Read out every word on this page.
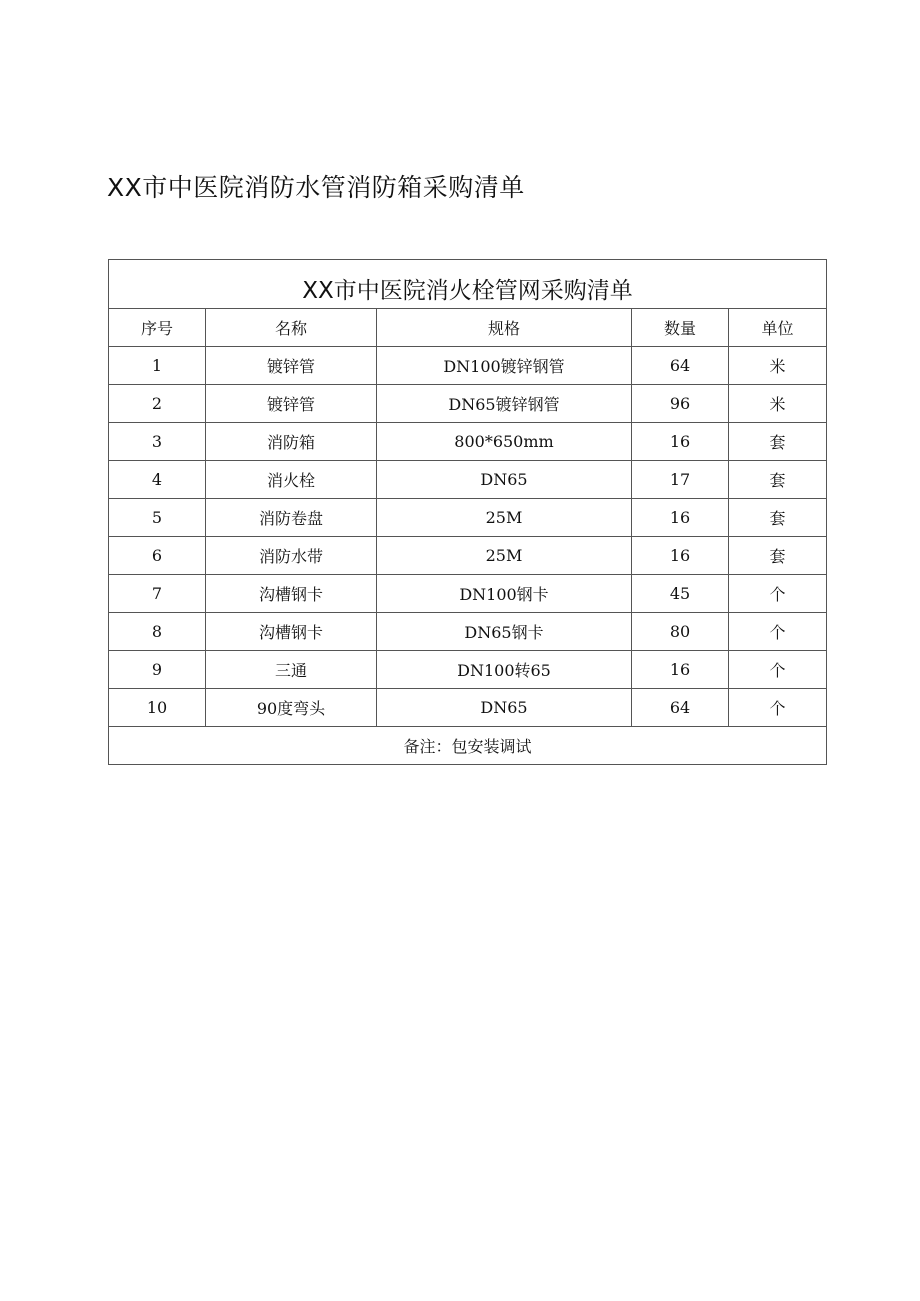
XX市中医院消防水管消防箱采购清单
XX市中医院消火栓管网采购清单				
序号	名称	规格	数量	单位
1	镀锌管	DN100镀锌钢管	64	米
2	镀锌管	DN65镀锌钢管	96	米
3	消防箱	800*650mm	16	套
4	消火栓	DN65	17	套
5	消防卷盘	25M	16	套
6	消防水带	25M	16	套
7	沟槽钢卡	DN100钢卡	45	个
8	沟槽钢卡	DN65钢卡	80	个
9	三通	DN100转65	16	个
10	90度弯头	DN65	64	个
备注：包安装调试				
